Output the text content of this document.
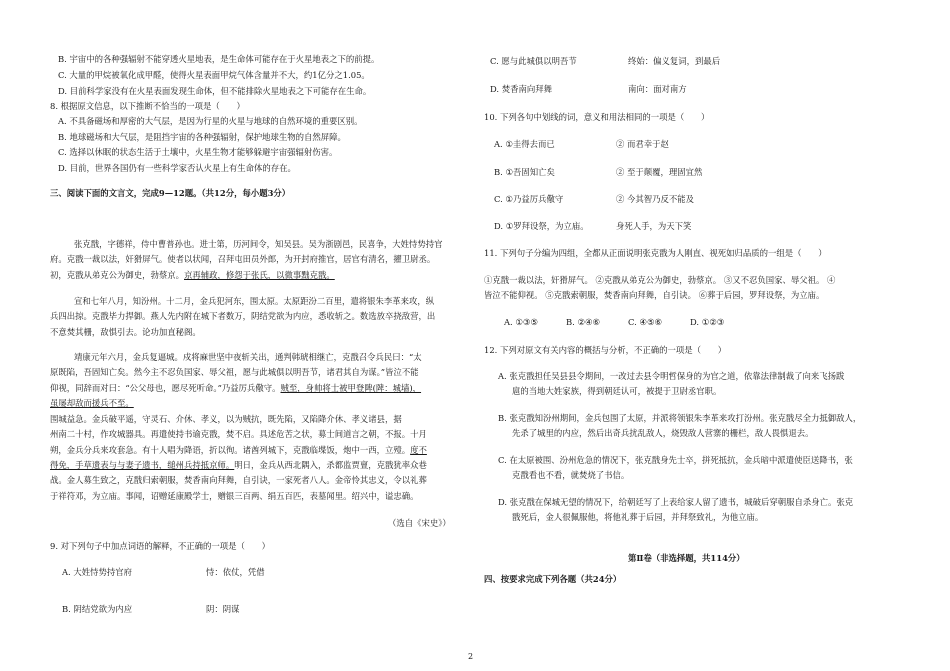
B. 宇宙中的各种强辐射不能穿透火星地表，是生命体可能存在于火星地表之下的前提。
C. 大量的甲烷被氧化成甲醛，使得火星表面甲烷气体含量并不大，约1亿分之1.05。
D. 目前科学家没有在火星表面发现生命体，但不能排除火星地表之下可能存在生命。
8. 根据原文信息，以下推断不恰当的一项是（　　）
A. 不具备磁场和厚密的大气层，是因为行星的火星与地球的自然环境的重要区别。
B. 地球磁场和大气层，是阻挡宇宙的各种强辐射，保护地球生物的自然屏障。
C. 选择以休眠的状态生活于土壤中，火星生物才能够躲避宇宙强辐射伤害。
D. 目前，世界各国仍有一些科学家否认火星上有生命体的存在。
三、阅读下面的文言文，完成9—12题。（共12分，每小题3分）
张克戬，字德祥，侍中曹普孙也。进士第，历河间令，知吴县。吴为浙剧邑，民喜争，大姓恃势持官
府。克戬一裁以法，奸猾屏气。使者以状闻，召拜屯田员外郎，为开封府推官，居官有清名，擢卫尉丞。
初，克戬从弟克公为御史，勃蔡京。京再辅政，修怨于张氏，以微事黜克戬。
宣和七年八月，知汾州。十二月，金兵犯河东，围太原。太原距汾二百里，遣将银朱李革来攻，纵
兵四出掠。克戬毕力捍御。燕人先内附在城下者数万，阴结党欲为内应，悉收斩之。数选放卒挠敌营，出
不意焚其栅，敌惧引去。论功加直秘阁。
靖康元年六月，金兵复逼城。戍将麻世坚中夜斩关出，通判韩琥相继亡，克戬召令兵民曰：“太
原既陷，吾固知亡矣。然今主不忍负国家、辱父祖，愿与此城俱以明吾节，诸君其自为谋。”皆泣不能
仰视，同辞而对曰：“公父母也，愿尽死听命。”乃益厉兵儆守。贼至，身帅将士被甲登陴(陴：城墙)，
虽屡却敌而援兵不至。
围城益急。金兵破平遥，守灵石、介休、孝义，以为贼抗，既先陷，又陷降介休、孝义诸县，据
州南二十村，作攻城器具。再遣使持书谕克戬，焚不启。具述危苦之状，募士间道言之朝，不报。十月
朔，金兵分兵来攻套急。有十人唱为降语，折以徇。诸酋列城下，克戬临堞饭，炮中一西，立殪。度不
得免，手草遗表与与妻子遗书，缒州兵持抵京师。明日，金兵从西北隅入，杀都监贾亶，克戬犹率众巷
战。金人募生致之，克戬归索朝服，焚香南向拜舞，自引诀，一家死者八人。金帝怜其忠义，令以礼葬
于祥符邓，为立庙。事闻，诏赠延康殿学士，赠银三百两、绢五百匹，表墓闻里。绍兴中，谥忠确。
（选自《宋史》）
9. 对下列句子中加点词语的解释，不正确的一项是（　　）
A. 大姓恃势持官府	恃：依仗，凭借
B. 阴结党欲为内应	阴：阴谋
C. 愿与此城俱以明吾节	终始：偏义复词，到最后
D. 焚香南向拜舞	南向：面对南方
10. 下列各句中划线的词，意义和用法相同的一项是（　　）
A. ①圭得去而已	② 而君幸于赵
B. ①吾固知亡矣	② 至于颠覆，理固宜然
C. ①乃益厉兵儆守	② 今其智乃反不能及
D. ①罗拜设祭，为立庙。	身死人手，为天下笑
11. 下列句子分编为四组，全都从正面说明张克戬为人刚直、视死如归品质的一组是（　　）
①克戬一裁以法，奸猾屏气。 ②克戬从弟克公为御史，勃蔡京。 ③又不忍负国家、辱父祖。 ④
皆泣不能仰视。 ⑤克戬索朝服，焚香南向拜舞，自引诀。 ⑥葬于后园，罗拜设祭，为立庙。
A. ①③⑤	B. ②④⑥	C. ④⑤⑥	D. ①②③
12. 下列对原文有关内容的概括与分析，不正确的一项是（　　）
A. 张克戬担任吴县县令期间，一改过去县令明哲保身的为官之道，依靠法律制裁了向来飞扬跋
扈的当地大姓家族，得到朝廷认可，被提于卫尉丞官职。
B. 张克戬知汾州期间，金兵包围了太原，并派将领银朱李革来攻打汾州。张克戬尽全力抵御敌人，
先杀了城里的内应，然后出奇兵扰乱敌人，烧毁敌人营寨的栅栏，敌人畏惧退去。
C. 在太原被围、汾州危急的情况下，张克戬身先士卒，拼死抵抗，金兵暗中派遣使臣送降书，张
克戬看也不看，就焚烧了书信。
D. 张克戬在保城无望的情况下，给朝廷写了上表给家人留了遗书，城破后穿朝服自杀身亡。张克
戬死后，金人很佩服他，将他礼葬于后园，并拜祭致礼，为他立庙。
第Ⅱ卷（非选择题，共114分）
四、按要求完成下列各题（共24分）
2
